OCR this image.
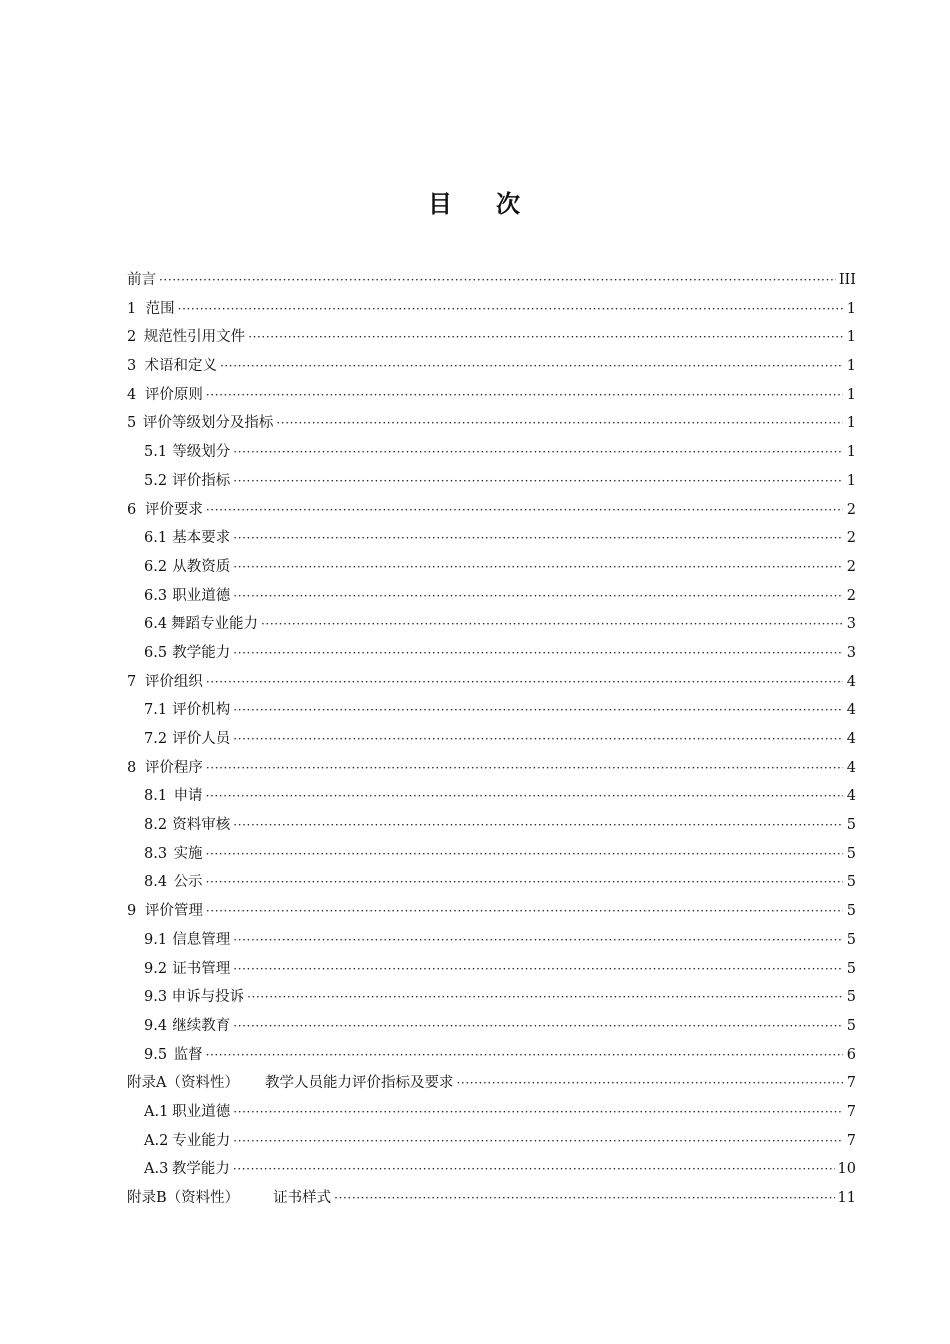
目 次
前言 ·····	III
1 范围 ·····	1
2 规范性引用文件 ·····	1
3 术语和定义 ·····	1
4 评价原则 ·····	1
5 评价等级划分及指标 ·····	1
5.1 等级划分 ·····	1
5.2 评价指标 ·····	1
6 评价要求 ·····	2
6.1 基本要求 ·····	2
6.2 从教资质 ·····	2
6.3 职业道德 ·····	2
6.4 舞蹈专业能力 ·····	3
6.5 教学能力 ·····	3
7 评价组织 ·····	4
7.1 评价机构 ·····	4
7.2 评价人员 ·····	4
8 评价程序 ·····	4
8.1 申请 ·····	4
8.2 资料审核 ·····	5
8.3 实施 ·····	5
8.4 公示 ·····	5
9 评价管理 ·····	5
9.1 信息管理 ·····	5
9.2 证书管理 ·····	5
9.3 申诉与投诉 ·····	5
9.4 继续教育 ·····	5
9.5 监督 ·····	6
附录A（资料性） 教学人员能力评价指标及要求 ·····	7
A.1 职业道德 ·····	7
A.2 专业能力 ·····	7
A.3 教学能力 ·····	10
附录B（资料性） 证书样式 ·····	11
